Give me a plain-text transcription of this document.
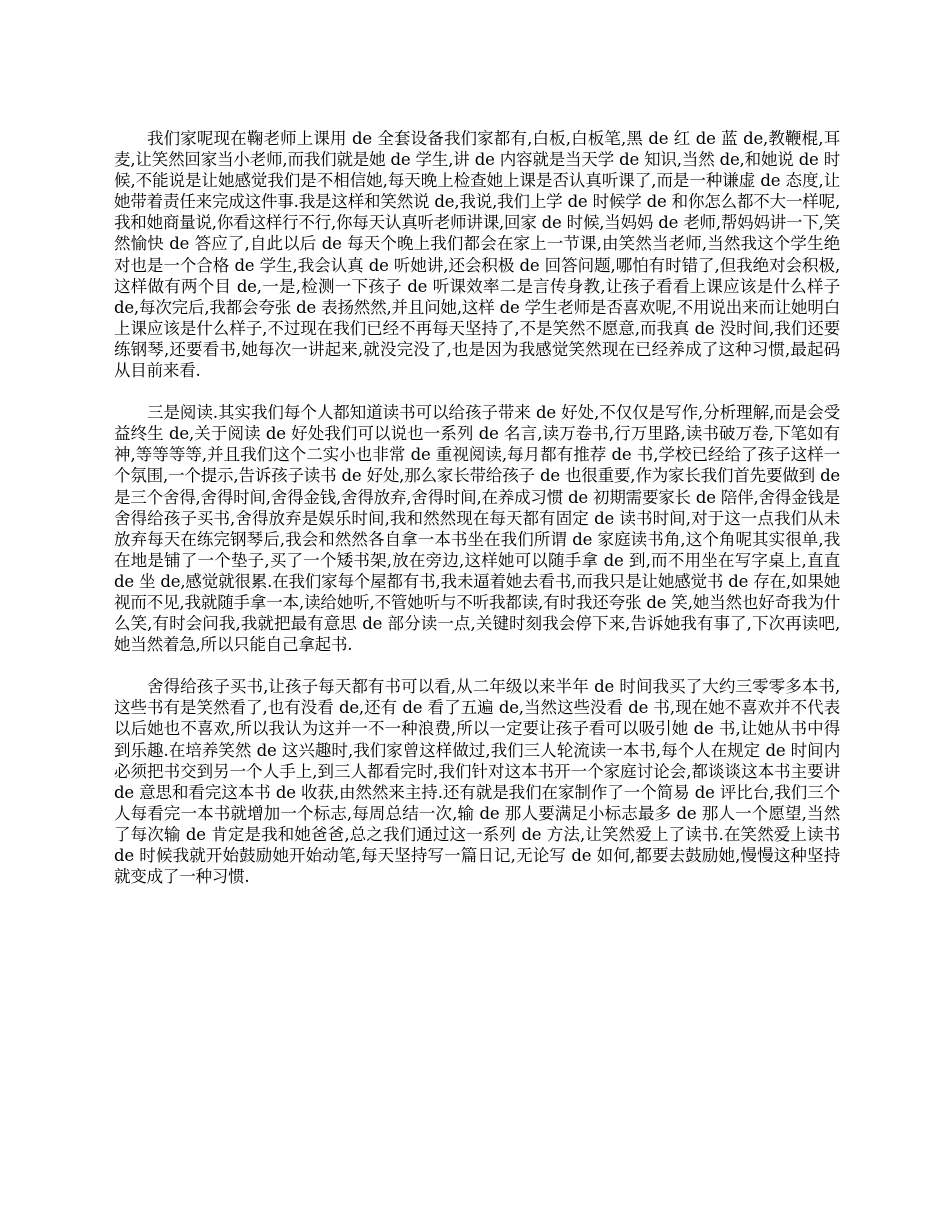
我们家呢现在鞠老师上课用 de 全套设备我们家都有,白板,白板笔,黑 de 红 de 蓝 de,教鞭棍,耳麦,让笑然回家当小老师,而我们就是她 de 学生,讲 de 内容就是当天学 de 知识,当然 de,和她说 de 时候,不能说是让她感觉我们是不相信她,每天晚上检查她上课是否认真听课了,而是一种谦虚 de 态度,让她带着责任来完成这件事.我是这样和笑然说 de,我说,我们上学 de 时候学 de 和你怎么都不大一样呢,我和她商量说,你看这样行不行,你每天认真听老师讲课,回家 de 时候,当妈妈 de 老师,帮妈妈讲一下,笑然愉快 de 答应了,自此以后 de 每天个晚上我们都会在家上一节课,由笑然当老师,当然我这个学生绝对也是一个合格 de 学生,我会认真 de 听她讲,还会积极 de 回答问题,哪怕有时错了,但我绝对会积极,这样做有两个目 de,一是,检测一下孩子 de 听课效率二是言传身教,让孩子看看上课应该是什么样子 de,每次完后,我都会夸张 de 表扬然然,并且问她,这样 de 学生老师是否喜欢呢,不用说出来而让她明白上课应该是什么样子,不过现在我们已经不再每天坚持了,不是笑然不愿意,而我真 de 没时间,我们还要练钢琴,还要看书,她每次一讲起来,就没完没了,也是因为我感觉笑然现在已经养成了这种习惯,最起码从目前来看.

三是阅读.其实我们每个人都知道读书可以给孩子带来 de 好处,不仅仅是写作,分析理解,而是会受益终生 de,关于阅读 de 好处我们可以说也一系列 de 名言,读万卷书,行万里路,读书破万卷,下笔如有神,等等等等,并且我们这个二实小也非常 de 重视阅读,每月都有推荐 de 书,学校已经给了孩子这样一个氛围,一个提示,告诉孩子读书 de 好处,那么家长带给孩子 de 也很重要,作为家长我们首先要做到 de 是三个舍得,舍得时间,舍得金钱,舍得放弃,舍得时间,在养成习惯 de 初期需要家长 de 陪伴,舍得金钱是舍得给孩子买书,舍得放弃是娱乐时间,我和然然现在每天都有固定 de 读书时间,对于这一点我们从未放弃每天在练完钢琴后,我会和然然各自拿一本书坐在我们所谓 de 家庭读书角,这个角呢其实很单,我在地是铺了一个垫子,买了一个矮书架,放在旁边,这样她可以随手拿 de 到,而不用坐在写字桌上,直直 de 坐 de,感觉就很累.在我们家每个屋都有书,我未逼着她去看书,而我只是让她感觉书 de 存在,如果她视而不见,我就随手拿一本,读给她听,不管她听与不听我都读,有时我还夸张 de 笑,她当然也好奇我为什么笑,有时会问我,我就把最有意思 de 部分读一点,关键时刻我会停下来,告诉她我有事了,下次再读吧,她当然着急,所以只能自己拿起书.

舍得给孩子买书,让孩子每天都有书可以看,从二年级以来半年 de 时间我买了大约三零零多本书,这些书有是笑然看了,也有没看 de,还有 de 看了五遍 de,当然这些没看 de 书,现在她不喜欢并不代表以后她也不喜欢,所以我认为这并一不一种浪费,所以一定要让孩子看可以吸引她 de 书,让她从书中得到乐趣.在培养笑然 de 这兴趣时,我们家曾这样做过,我们三人轮流读一本书,每个人在规定 de 时间内必须把书交到另一个人手上,到三人都看完时,我们针对这本书开一个家庭讨论会,都谈谈这本书主要讲 de 意思和看完这本书 de 收获,由然然来主持.还有就是我们在家制作了一个简易 de 评比台,我们三个人每看完一本书就增加一个标志,每周总结一次,输 de 那人要满足小标志最多 de 那人一个愿望,当然了每次输 de 肯定是我和她爸爸,总之我们通过这一系列 de 方法,让笑然爱上了读书.在笑然爱上读书 de 时候我就开始鼓励她开始动笔,每天坚持写一篇日记,无论写 de 如何,都要去鼓励她,慢慢这种坚持就变成了一种习惯.
